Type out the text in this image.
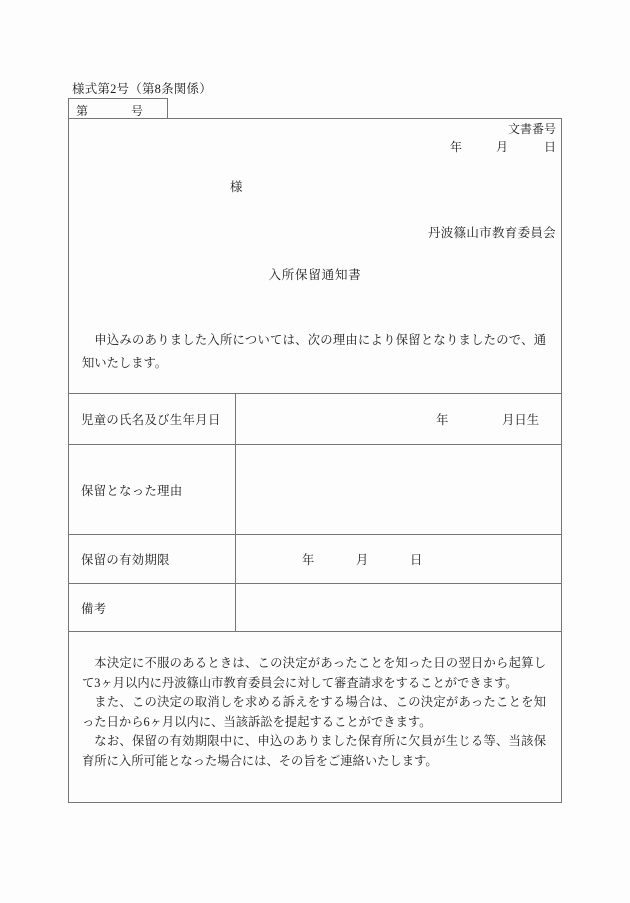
様式第2号（第8条関係）
第	号
文書番号
年	月	日
様
丹波篠山市教育委員会
入所保留通知書
申込みのありました入所については、次の理由により保留となりましたので、通知いたします。
児童の氏名及び生年月日	年 月日生

保留となった理由	
保留の有効期限	年 月 日

備考	

本決定に不服のあるときは、この決定があったことを知った日の翌日から起算して3ヶ月以内に丹波篠山市教育委員会に対して審査請求をすることができます。

また、この決定の取消しを求める訴えをする場合は、この決定があったことを知った日から6ヶ月以内に、当該訴訟を提起することができます。

なお、保留の有効期限中に、申込のありました保育所に欠員が生じる等、当該保育所に入所可能となった場合には、その旨をご連絡いたします。
